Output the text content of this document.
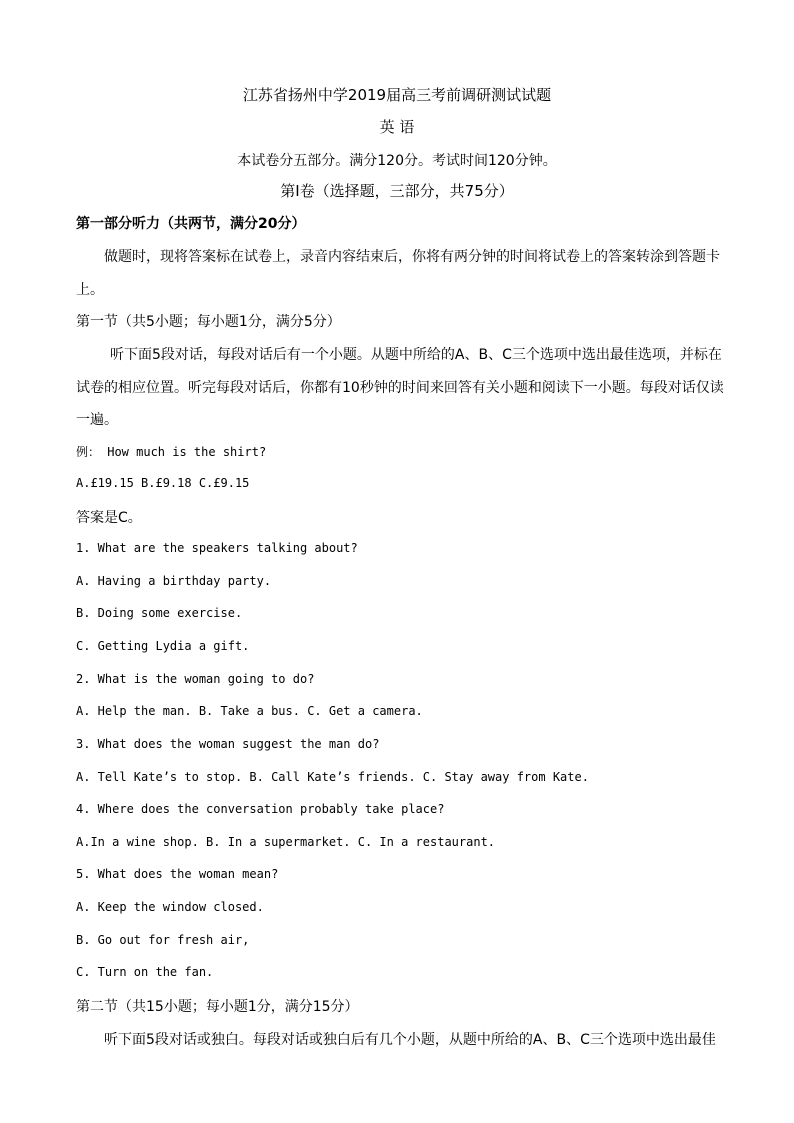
江苏省扬州中学2019届高三考前调研测试试题
英 语
本试卷分五部分。满分120分。考试时间120分钟。
第Ⅰ卷（选择题，三部分，共75分）
第一部分听力（共两节，满分20分）
做题时，现将答案标在试卷上，录音内容结束后，你将有两分钟的时间将试卷上的答案转涂到答题卡
上。
第一节（共5小题；每小题1分，满分5分）
听下面5段对话，每段对话后有一个小题。从题中所给的A、B、C三个选项中选出最佳选项，并标在
试卷的相应位置。听完每段对话后，你都有10秒钟的时间来回答有关小题和阅读下一小题。每段对话仅读
一遍。
例： How much is the shirt?
A.£19.15 B.£9.18 C.£9.15
答案是C。
1. What are the speakers talking about?
A. Having a birthday party.
B. Doing some exercise.
C. Getting Lydia a gift.
2. What is the woman going to do?
A. Help the man. B. Take a bus. C. Get a camera.
3. What does the woman suggest the man do?
A. Tell Kate’s to stop. B. Call Kate’s friends. C. Stay away from Kate.
4. Where does the conversation probably take place?
A.In a wine shop. B. In a supermarket. C. In a restaurant.
5. What does the woman mean?
A. Keep the window closed.
B. Go out for fresh air,
C. Turn on the fan.
第二节（共15小题；每小题1分，满分15分）
听下面5段对话或独白。每段对话或独白后有几个小题，从题中所给的A、B、C三个选项中选出最佳
